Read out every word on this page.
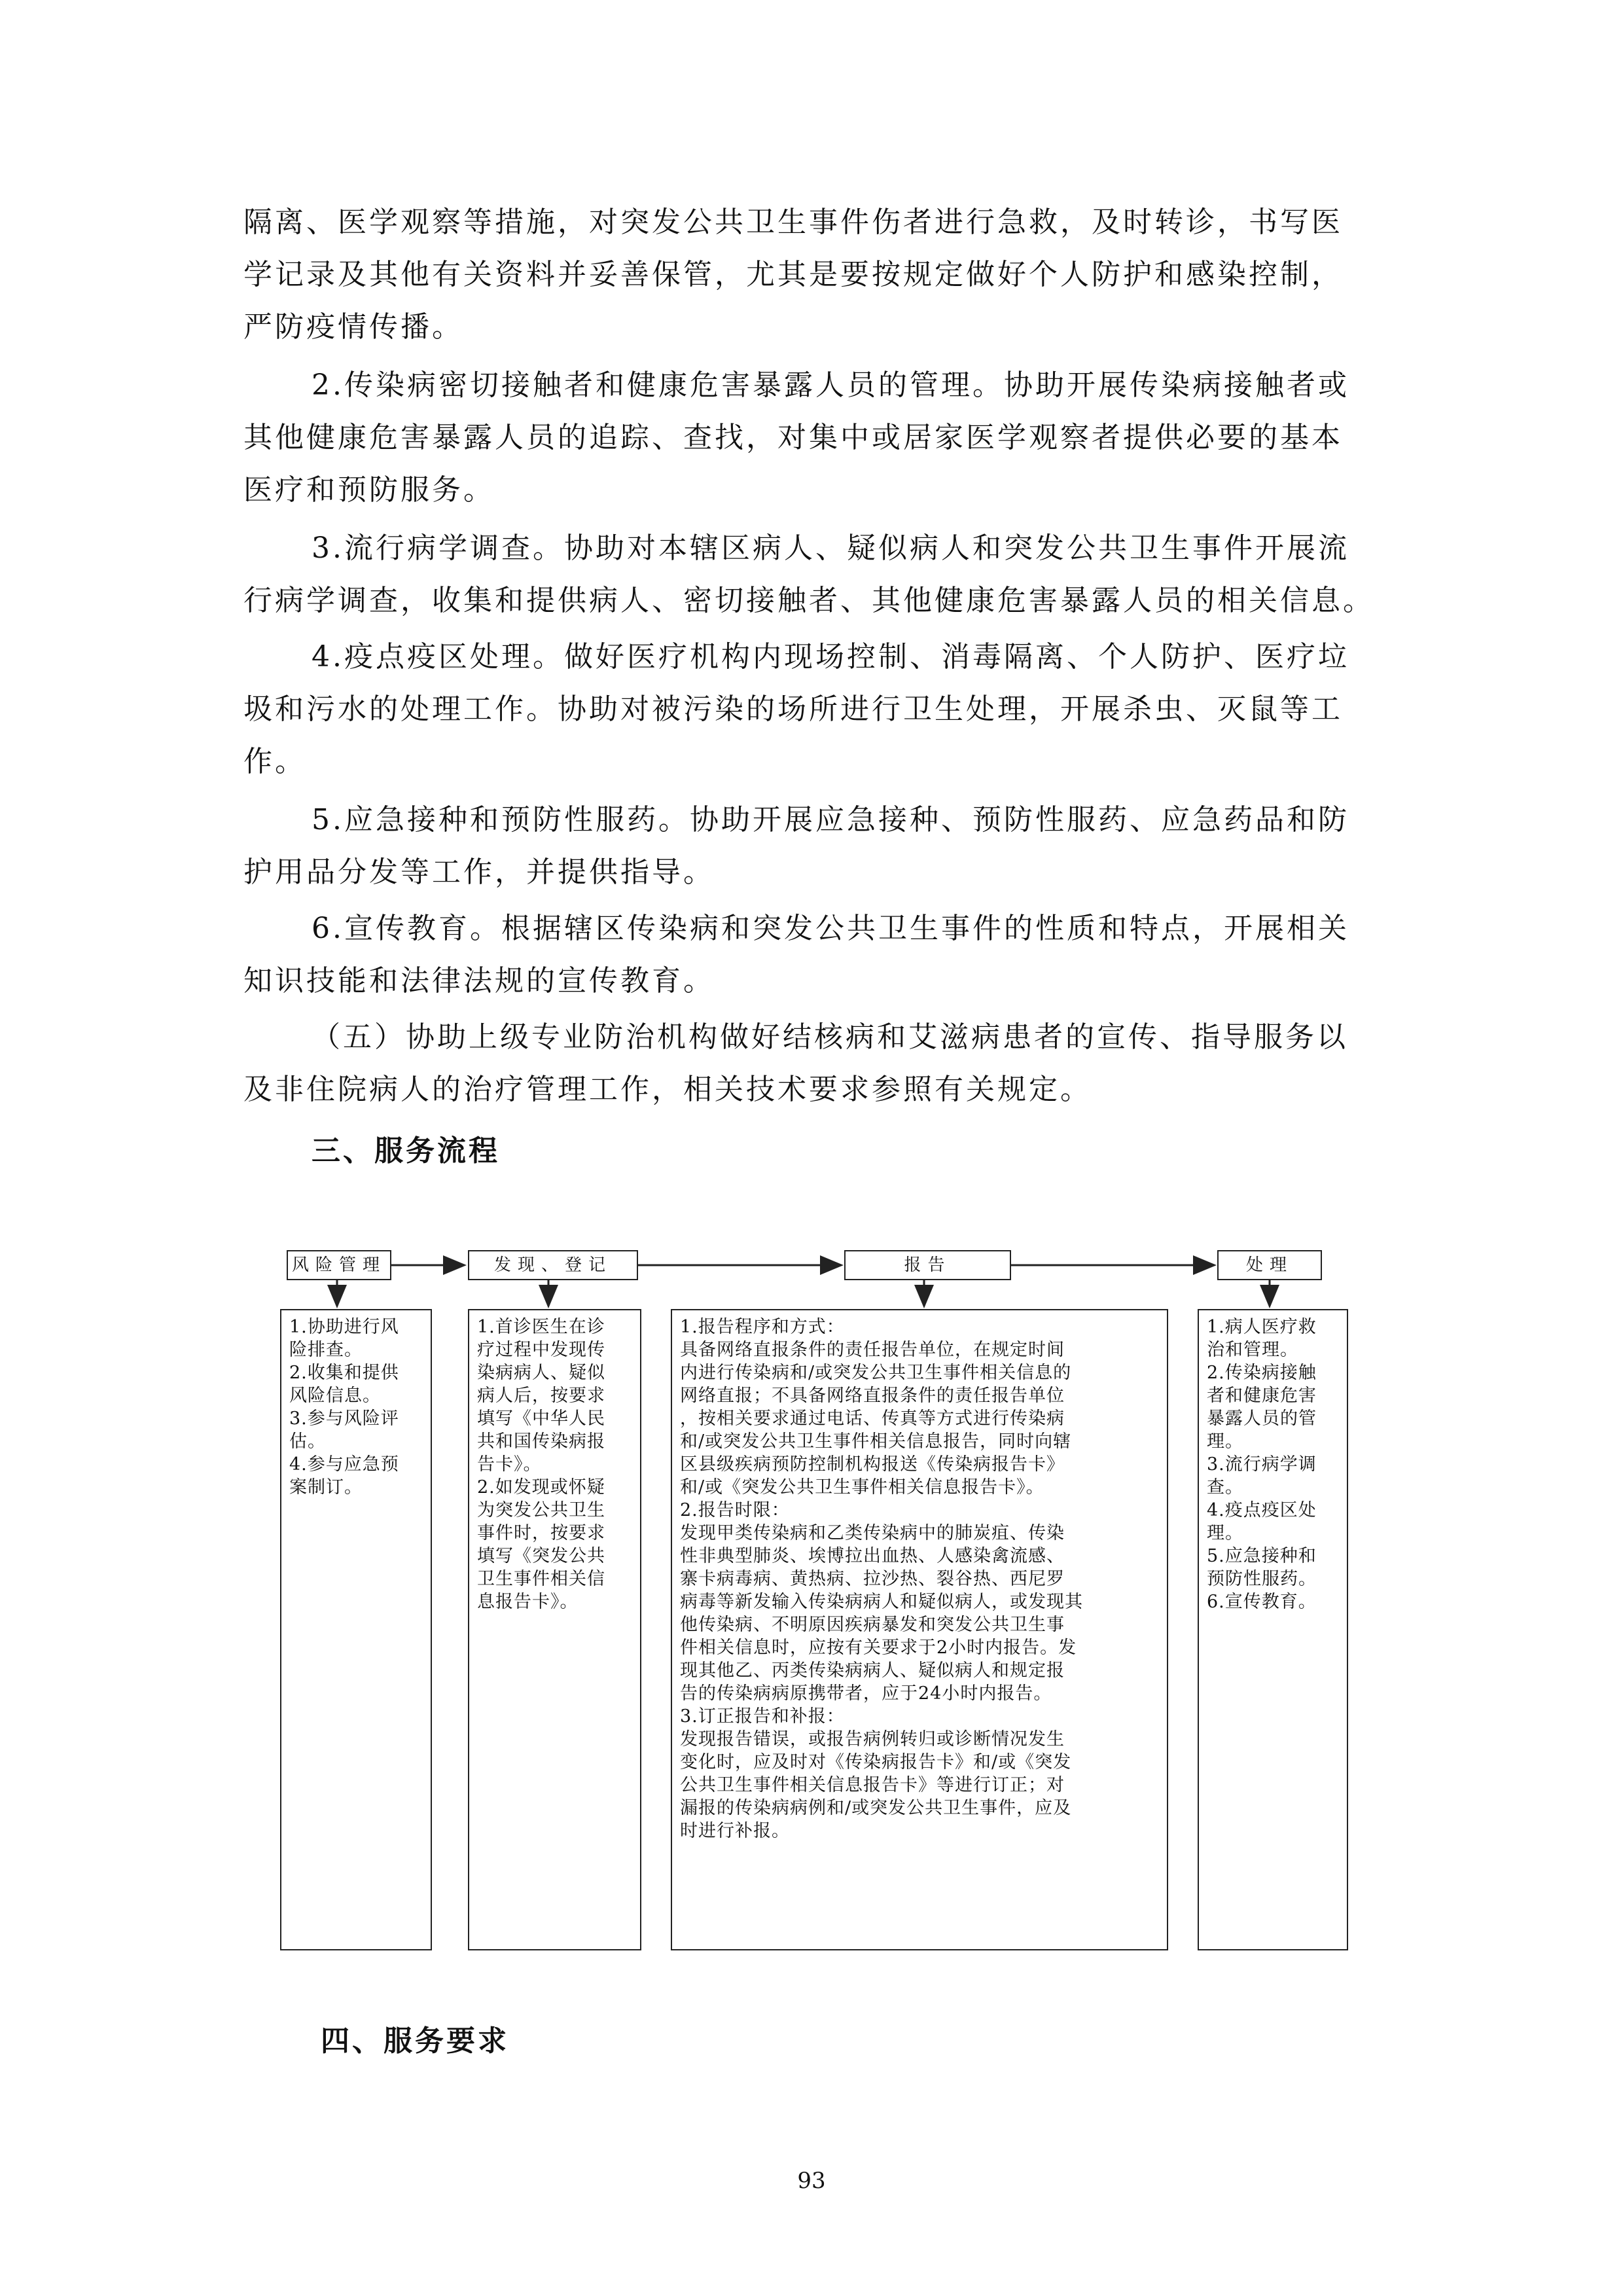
隔离、医学观察等措施，对突发公共卫生事件伤者进行急救，及时转诊，书写医
学记录及其他有关资料并妥善保管，尤其是要按规定做好个人防护和感染控制，
严防疫情传播。
2.传染病密切接触者和健康危害暴露人员的管理。协助开展传染病接触者或
其他健康危害暴露人员的追踪、查找，对集中或居家医学观察者提供必要的基本
医疗和预防服务。
3.流行病学调查。协助对本辖区病人、疑似病人和突发公共卫生事件开展流
行病学调查，收集和提供病人、密切接触者、其他健康危害暴露人员的相关信息。
4.疫点疫区处理。做好医疗机构内现场控制、消毒隔离、个人防护、医疗垃
圾和污水的处理工作。协助对被污染的场所进行卫生处理，开展杀虫、灭鼠等工
作。
5.应急接种和预防性服药。协助开展应急接种、预防性服药、应急药品和防
护用品分发等工作，并提供指导。
6.宣传教育。根据辖区传染病和突发公共卫生事件的性质和特点，开展相关
知识技能和法律法规的宣传教育。
（五）协助上级专业防治机构做好结核病和艾滋病患者的宣传、指导服务以
及非住院病人的治疗管理工作，相关技术要求参照有关规定。
三、服务流程
风险管理	发现、登记	报告	处理
1.协助进行风
险排查。
2.收集和提供
风险信息。
3.参与风险评
估。
4.参与应急预
案制订。
1.首诊医生在诊
疗过程中发现传
染病病人、疑似
病人后，按要求
填写《中华人民
共和国传染病报
告卡》。
2.如发现或怀疑
为突发公共卫生
事件时，按要求
填写《突发公共
卫生事件相关信
息报告卡》。
1.报告程序和方式：
具备网络直报条件的责任报告单位，在规定时间
内进行传染病和/或突发公共卫生事件相关信息的
网络直报；不具备网络直报条件的责任报告单位
，按相关要求通过电话、传真等方式进行传染病
和/或突发公共卫生事件相关信息报告，同时向辖
区县级疾病预防控制机构报送《传染病报告卡》
和/或《突发公共卫生事件相关信息报告卡》。
2.报告时限：
发现甲类传染病和乙类传染病中的肺炭疽、传染
性非典型肺炎、埃博拉出血热、人感染禽流感、
寨卡病毒病、黄热病、拉沙热、裂谷热、西尼罗
病毒等新发输入传染病病人和疑似病人，或发现其
他传染病、不明原因疾病暴发和突发公共卫生事
件相关信息时，应按有关要求于2小时内报告。发
现其他乙、丙类传染病病人、疑似病人和规定报
告的传染病病原携带者，应于24小时内报告。
3.订正报告和补报：
发现报告错误，或报告病例转归或诊断情况发生
变化时，应及时对《传染病报告卡》和/或《突发
公共卫生事件相关信息报告卡》等进行订正；对
漏报的传染病病例和/或突发公共卫生事件，应及
时进行补报。
1.病人医疗救
治和管理。
2.传染病接触
者和健康危害
暴露人员的管理。
3.流行病学调
查。
4.疫点疫区处
理。
5.应急接种和
预防性服药。
6.宣传教育。
四、服务要求
93
